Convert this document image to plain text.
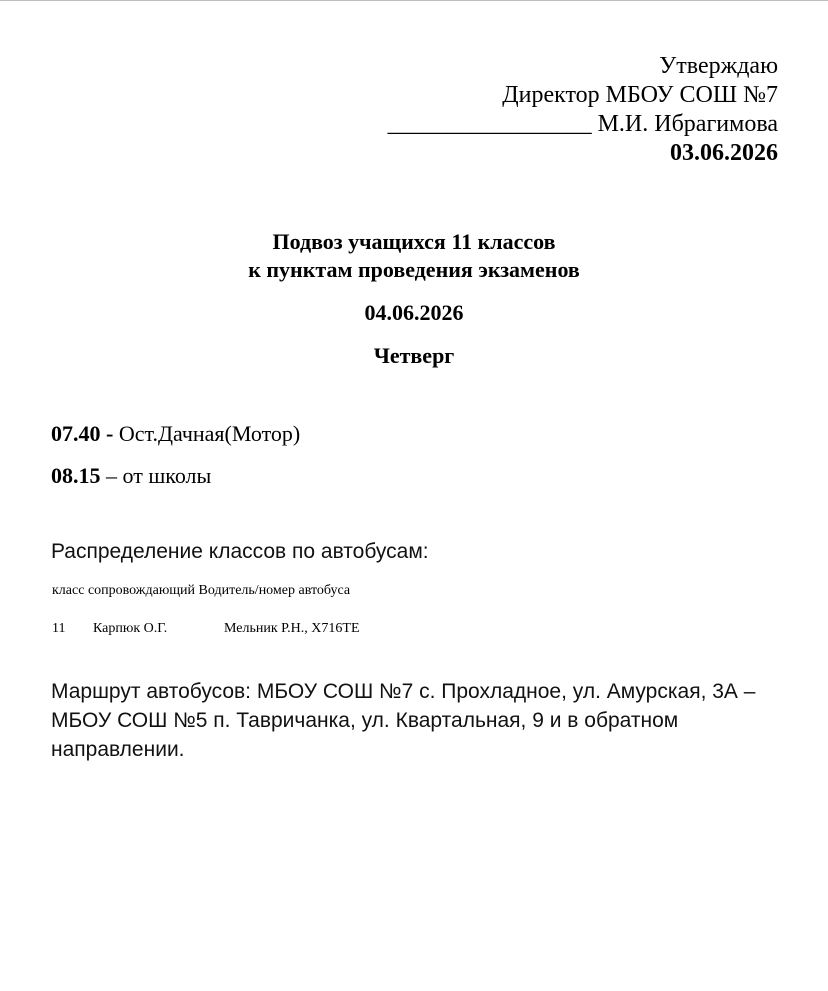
Утверждаю
Директор МБОУ СОШ №7
_________________ М.И. Ибрагимова
03.06.2026
Подвоз учащихся 11 классов
к пунктам проведения экзаменов
04.06.2026
Четверг
07.40 - Ост.Дачная(Мотор)
08.15 – от школы
Распределение классов по автобусам:
класс сопровождающий Водитель/номер автобуса
11 Карпюк О.Г.	Мельник Р.Н., Х716ТЕ
Маршрут автобусов: МБОУ СОШ №7 с. Прохладное, ул. Амурская, 3А – МБОУ СОШ №5 п. Тавричанка, ул. Квартальная, 9 и в обратном направлении.
